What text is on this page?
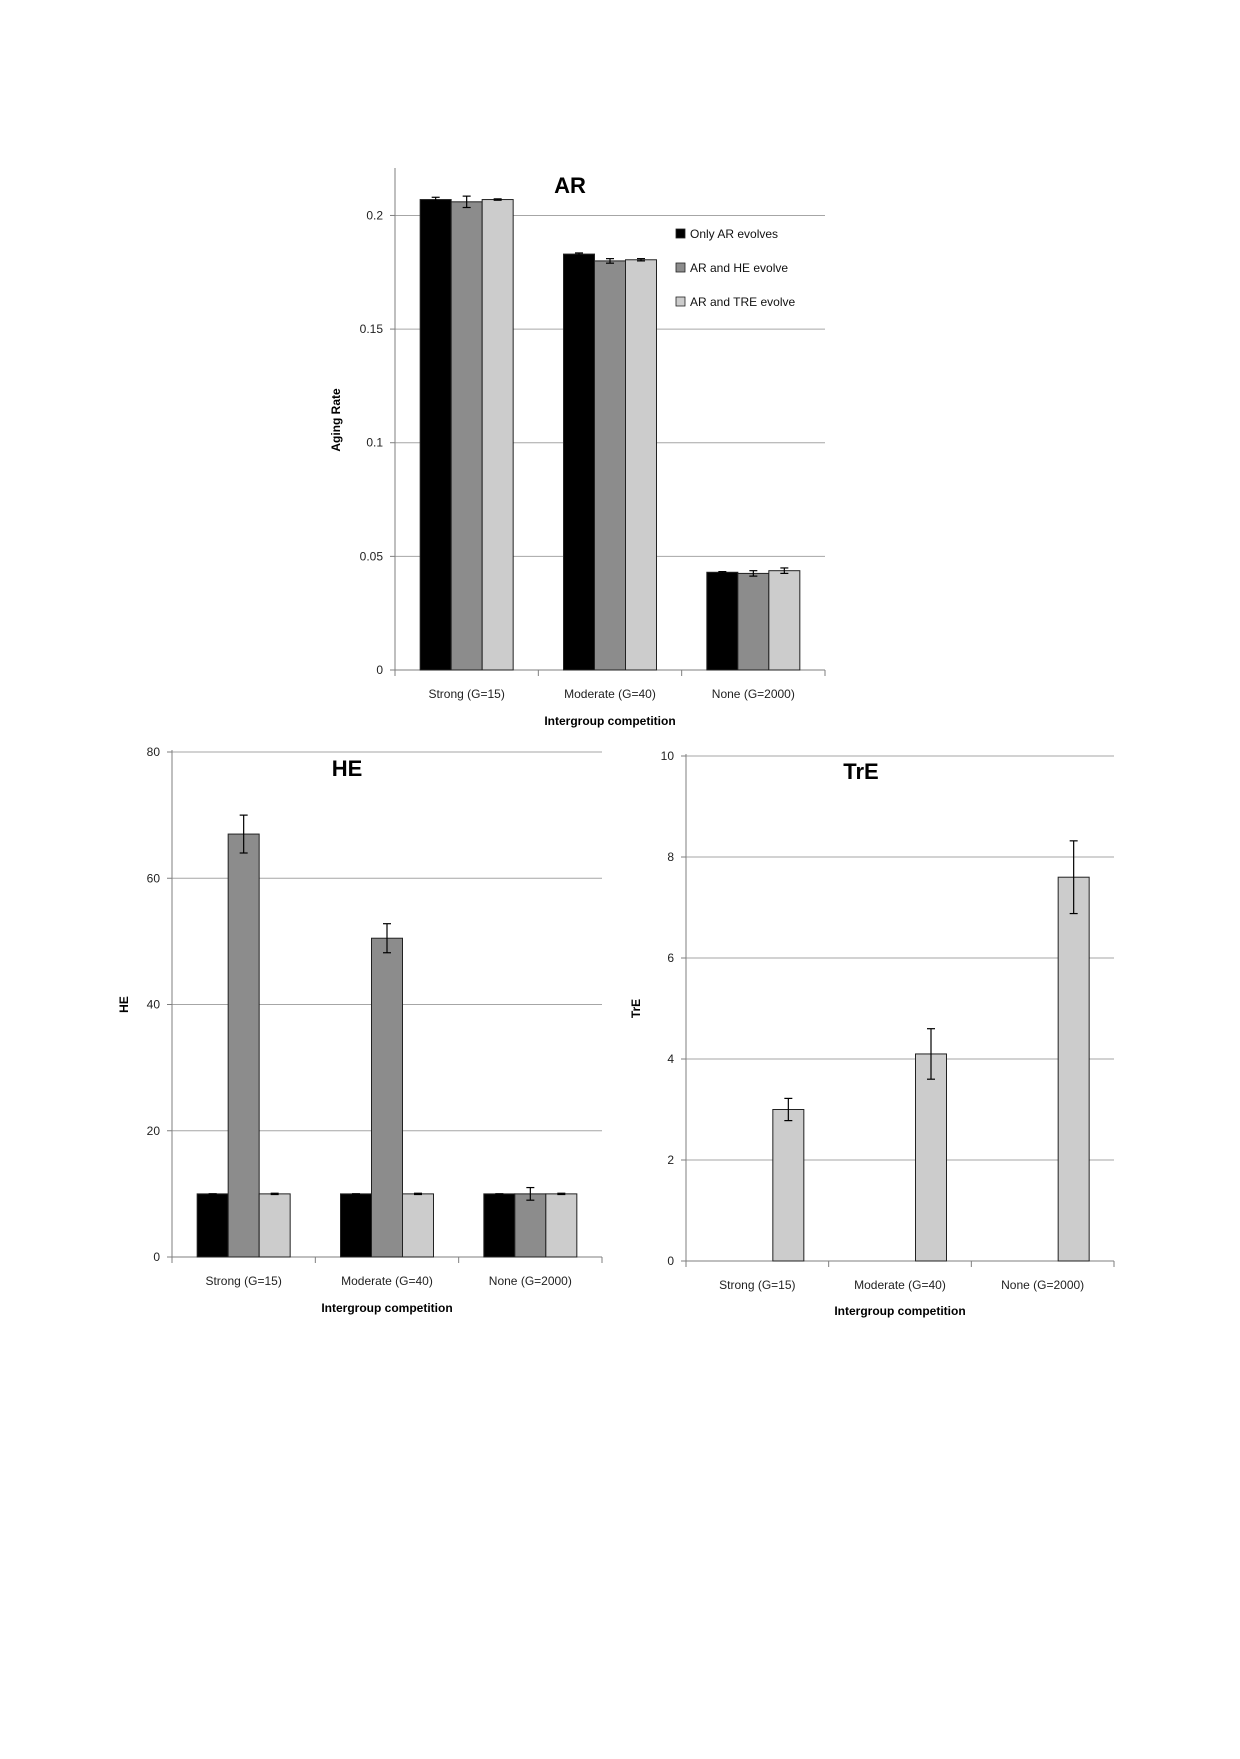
0
0.05
0.1
0.15
0.2
Strong (G=15)	Moderate (G=40)	None (G=2000)
AR
Intergroup competition
Aging Rate
Only AR evolves
AR and HE evolve
AR and TRE evolve
0
20
40
60
80
Strong (G=15)	Moderate (G=40)	None (G=2000)
HE
Intergroup competition
HE
0
2
4
6
8
10
Strong (G=15)	Moderate (G=40)	None (G=2000)
TrE
Intergroup competition
TrE
